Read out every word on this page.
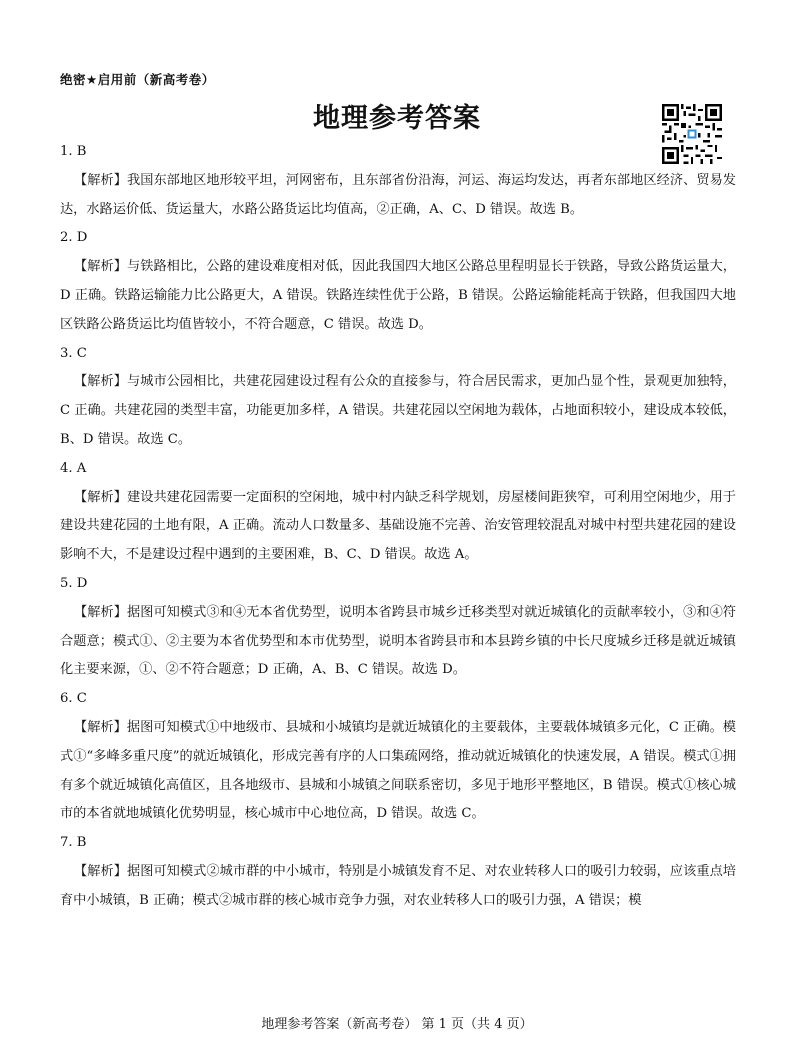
绝密★启用前（新高考卷）
地理参考答案

1. B

【解析】我国东部地区地形较平坦，河网密布，且东部省份沿海，河运、海运均发达，再者东部地区经济、贸易发达，水路运价低、货运量大，水路公路货运比均值高，②正确，A、C、D 错误。故选 B。

2. D

【解析】与铁路相比，公路的建设难度相对低，因此我国四大地区公路总里程明显长于铁路，导致公路货运量大，D 正确。铁路运输能力比公路更大，A 错误。铁路连续性优于公路，B 错误。公路运输能耗高于铁路，但我国四大地区铁路公路货运比均值皆较小，不符合题意，C 错误。故选 D。

3. C

【解析】与城市公园相比，共建花园建设过程有公众的直接参与，符合居民需求，更加凸显个性，景观更加独特，C 正确。共建花园的类型丰富，功能更加多样，A 错误。共建花园以空闲地为载体，占地面积较小，建设成本较低，B、D 错误。故选 C。

4. A

【解析】建设共建花园需要一定面积的空闲地，城中村内缺乏科学规划，房屋楼间距狭窄，可利用空闲地少，用于建设共建花园的土地有限，A 正确。流动人口数量多、基础设施不完善、治安管理较混乱对城中村型共建花园的建设影响不大，不是建设过程中遇到的主要困难，B、C、D 错误。故选 A。

5. D

【解析】据图可知模式③和④无本省优势型，说明本省跨县市城乡迁移类型对就近城镇化的贡献率较小，③和④符合题意；模式①、②主要为本省优势型和本市优势型，说明本省跨县市和本县跨乡镇的中长尺度城乡迁移是就近城镇化主要来源，①、②不符合题意；D 正确，A、B、C 错误。故选 D。

6. C

【解析】据图可知模式①中地级市、县城和小城镇均是就近城镇化的主要载体，主要载体城镇多元化，C 正确。模式①“多峰多重尺度”的就近城镇化，形成完善有序的人口集疏网络，推动就近城镇化的快速发展，A 错误。模式①拥有多个就近城镇化高值区，且各地级市、县城和小城镇之间联系密切，多见于地形平整地区，B 错误。模式①核心城市的本省就地城镇化优势明显，核心城市中心地位高，D 错误。故选 C。

7. B

【解析】据图可知模式②城市群的中小城市，特别是小城镇发育不足、对农业转移人口的吸引力较弱，应该重点培育中小城镇，B 正确；模式②城市群的核心城市竞争力强，对农业转移人口的吸引力强，A 错误；模

地理参考答案（新高考卷） 第 1 页（共 4 页）
